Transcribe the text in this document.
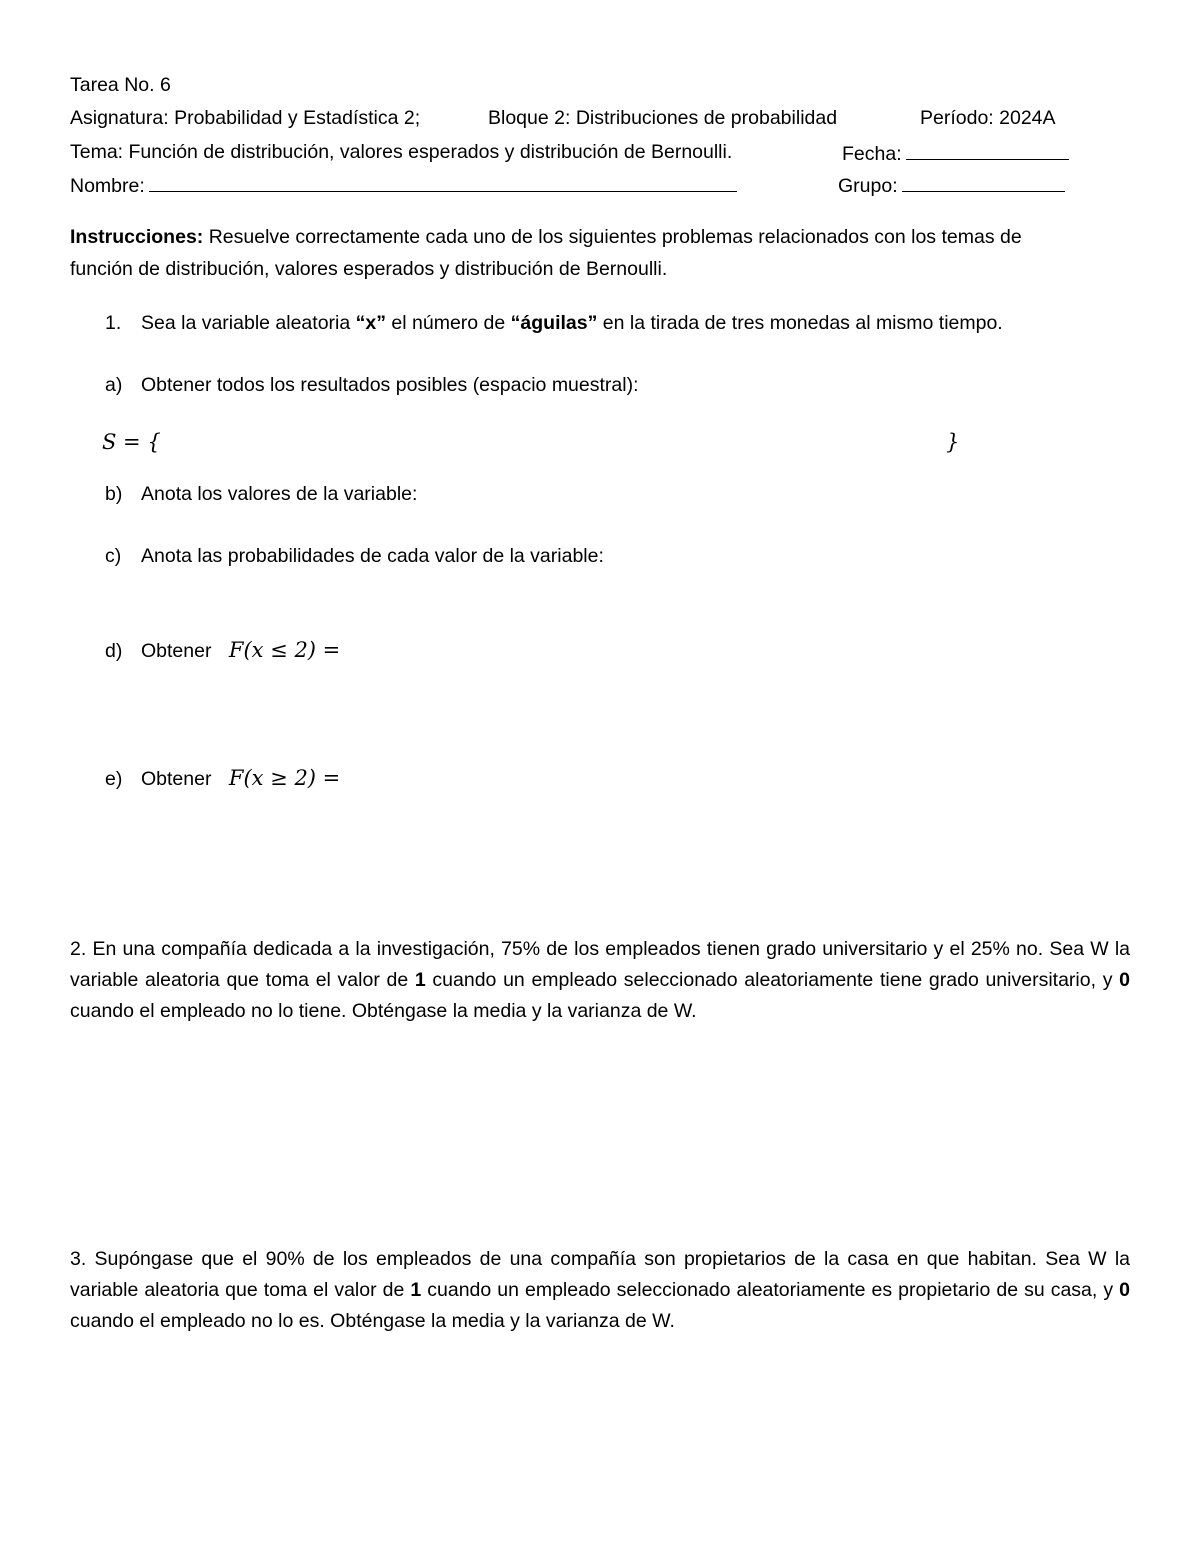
Tarea No. 6
Asignatura: Probabilidad y Estadística 2;	Bloque 2: Distribuciones de probabilidad	Período: 2024A
Tema: Función de distribución, valores esperados y distribución de Bernoulli.	Fecha:
Nombre:	Grupo:
Instrucciones: Resuelve correctamente cada uno de los siguientes problemas relacionados con los temas de
función de distribución, valores esperados y distribución de Bernoulli.
1. Sea la variable aleatoria “x” el número de “águilas” en la tirada de tres monedas al mismo tiempo.
a) Obtener todos los resultados posibles (espacio muestral):
S = {	}
b) Anota los valores de la variable:
c) Anota las probabilidades de cada valor de la variable:
d) Obtener F(x ≤ 2) =
e) Obtener F(x ≥ 2) =
2. En una compañía dedicada a la investigación, 75% de los empleados tienen grado universitario y el 25% no. Sea W la variable aleatoria que toma el valor de 1 cuando un empleado seleccionado aleatoriamente tiene grado universitario, y 0 cuando el empleado no lo tiene. Obténgase la media y la varianza de W.
3. Supóngase que el 90% de los empleados de una compañía son propietarios de la casa en que habitan. Sea W la variable aleatoria que toma el valor de 1 cuando un empleado seleccionado aleatoriamente es propietario de su casa, y 0 cuando el empleado no lo es. Obténgase la media y la varianza de W.
